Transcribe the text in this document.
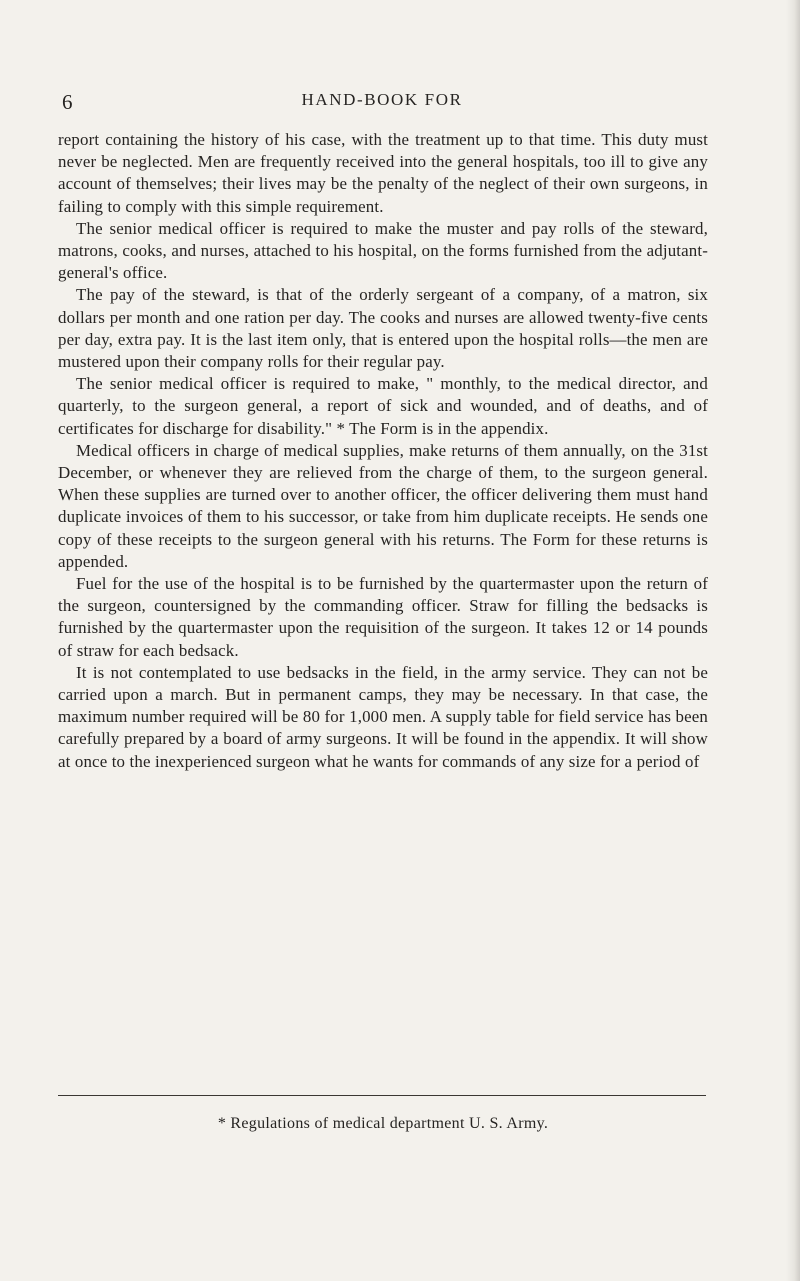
6	HAND-BOOK FOR

report containing the history of his case, with the treatment up to that time. This duty must never be neglected. Men are frequently received into the general hospitals, too ill to give any account of themselves; their lives may be the penalty of the neglect of their own surgeons, in failing to comply with this simple requirement.

The senior medical officer is required to make the muster and pay rolls of the steward, matrons, cooks, and nurses, attached to his hospital, on the forms furnished from the adjutant-general's office.

The pay of the steward, is that of the orderly sergeant of a company, of a matron, six dollars per month and one ration per day. The cooks and nurses are allowed twenty-five cents per day, extra pay. It is the last item only, that is entered upon the hospital rolls—the men are mustered upon their company rolls for their regular pay.

The senior medical officer is required to make, " monthly, to the medical director, and quarterly, to the surgeon general, a report of sick and wounded, and of deaths, and of certificates for discharge for disability." * The Form is in the appendix.

Medical officers in charge of medical supplies, make returns of them annually, on the 31st December, or whenever they are relieved from the charge of them, to the surgeon general. When these supplies are turned over to another officer, the officer delivering them must hand duplicate invoices of them to his successor, or take from him duplicate receipts. He sends one copy of these receipts to the surgeon general with his returns. The Form for these returns is appended.

Fuel for the use of the hospital is to be furnished by the quartermaster upon the return of the surgeon, countersigned by the commanding officer. Straw for filling the bedsacks is furnished by the quartermaster upon the requisition of the surgeon. It takes 12 or 14 pounds of straw for each bedsack.

It is not contemplated to use bedsacks in the field, in the army service. They can not be carried upon a march. But in permanent camps, they may be necessary. In that case, the maximum number required will be 80 for 1,000 men. A supply table for field service has been carefully prepared by a board of army surgeons. It will be found in the appendix. It will show at once to the inexperienced surgeon what he wants for commands of any size for a period of

* Regulations of medical department U. S. Army.
